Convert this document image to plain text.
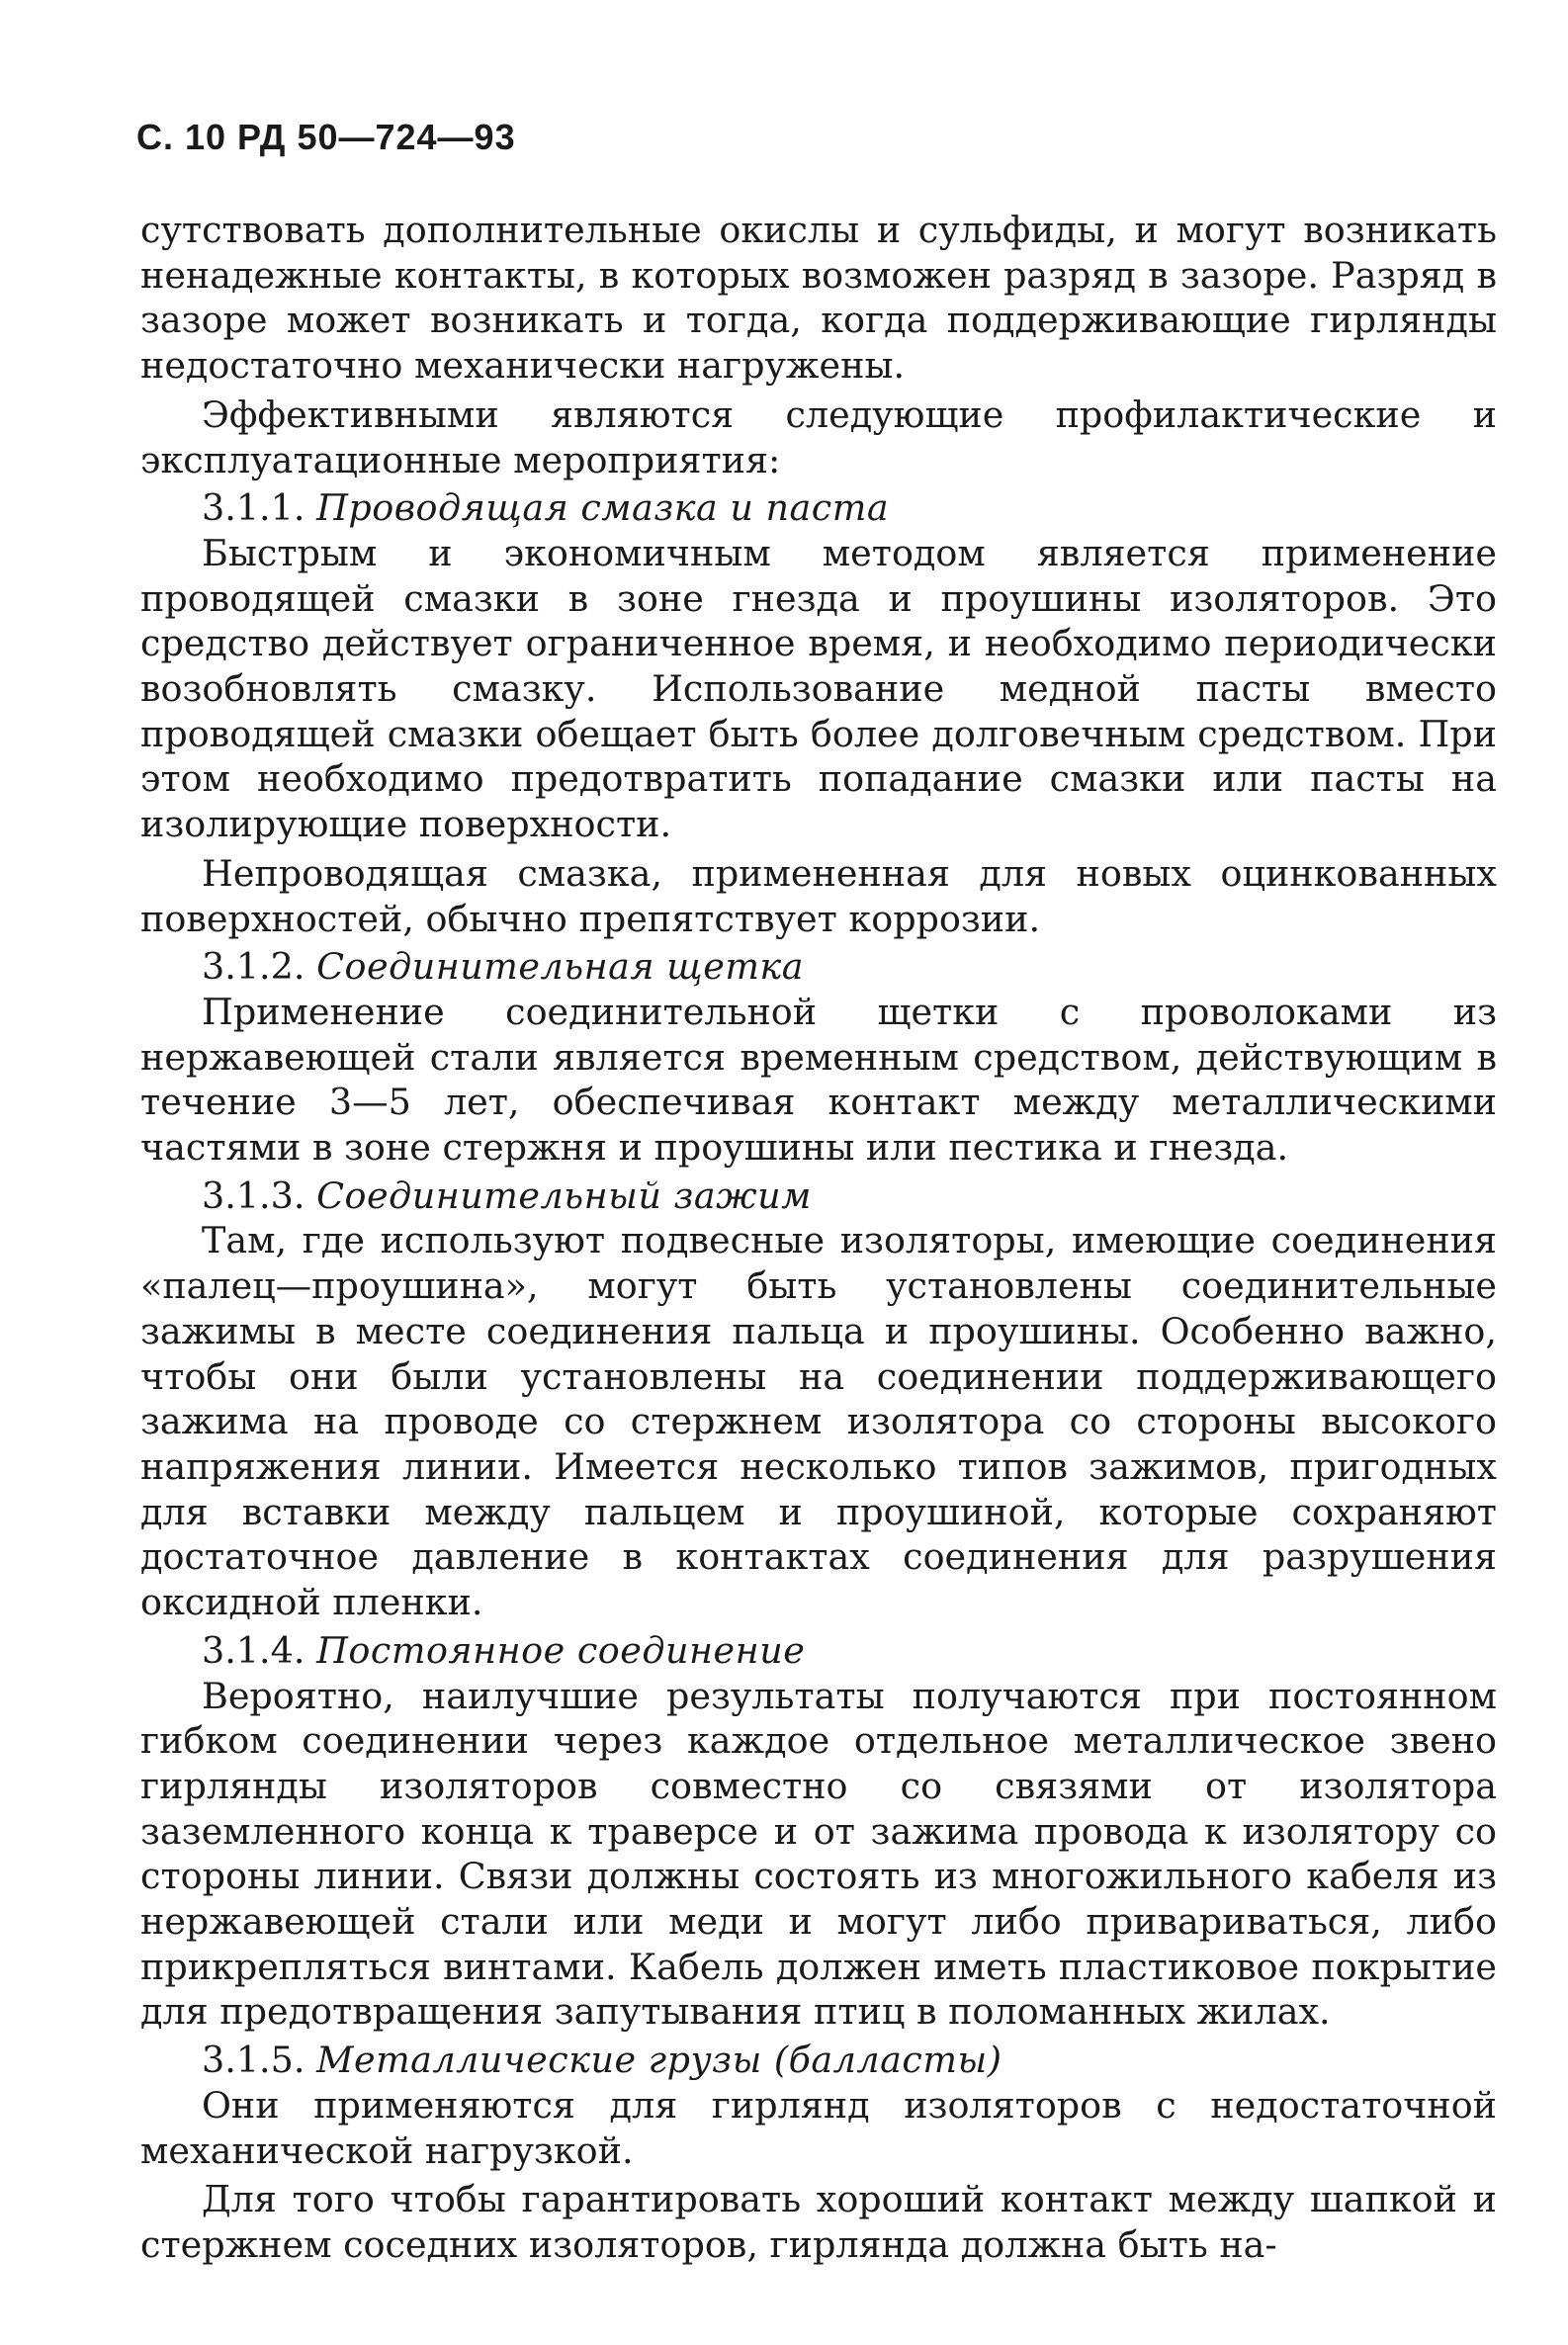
С. 10 РД 50—724—93

сутствовать дополнительные окислы и сульфиды, и могут возникать ненадежные контакты, в которых возможен разряд в зазоре. Разряд в зазоре может возникать и тогда, когда поддерживающие гирлянды недостаточно механически нагружены.

Эффективными являются следующие профилактические и эксплуатационные мероприятия:

3.1.1. Проводящая смазка и паста

Быстрым и экономичным методом является применение проводящей смазки в зоне гнезда и проушины изоляторов. Это средство действует ограниченное время, и необходимо периодически возобновлять смазку. Использование медной пасты вместо проводящей смазки обещает быть более долговечным средством. При этом необходимо предотвратить попадание смазки или пасты на изолирующие поверхности.

Непроводящая смазка, примененная для новых оцинкованных поверхностей, обычно препятствует коррозии.

3.1.2. Соединительная щетка

Применение соединительной щетки с проволоками из нержавеющей стали является временным средством, действующим в течение 3—5 лет, обеспечивая контакт между металлическими частями в зоне стержня и проушины или пестика и гнезда.

3.1.3. Соединительный зажим

Там, где используют подвесные изоляторы, имеющие соединения «палец—проушина», могут быть установлены соединительные зажимы в месте соединения пальца и проушины. Особенно важно, чтобы они были установлены на соединении поддерживающего зажима на проводе со стержнем изолятора со стороны высокого напряжения линии. Имеется несколько типов зажимов, пригодных для вставки между пальцем и проушиной, которые сохраняют достаточное давление в контактах соединения для разрушения оксидной пленки.

3.1.4. Постоянное соединение

Вероятно, наилучшие результаты получаются при постоянном гибком соединении через каждое отдельное металлическое звено гирлянды изоляторов совместно со связями от изолятора заземленного конца к траверсе и от зажима провода к изолятору со стороны линии. Связи должны состоять из многожильного кабеля из нержавеющей стали или меди и могут либо привариваться, либо прикрепляться винтами. Кабель должен иметь пластиковое покрытие для предотвращения запутывания птиц в поломанных жилах.

3.1.5. Металлические грузы (балласты)

Они применяются для гирлянд изоляторов с недостаточной механической нагрузкой.

Для того чтобы гарантировать хороший контакт между шапкой и стержнем соседних изоляторов, гирлянда должна быть на-
